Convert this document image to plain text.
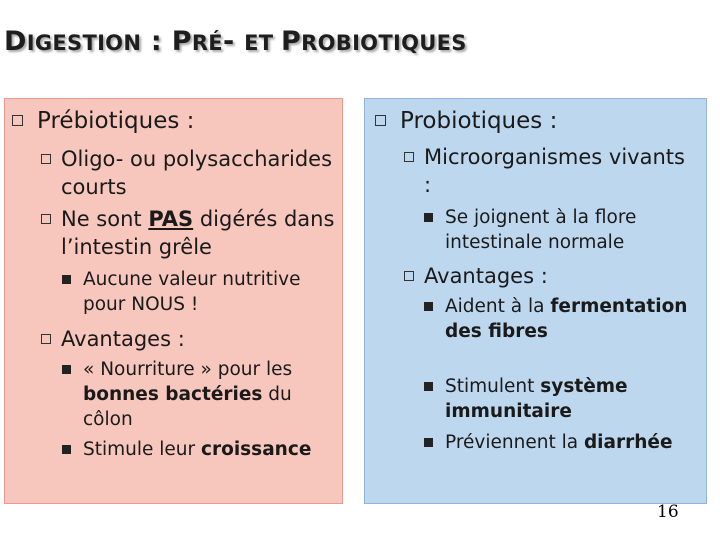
DIGESTION : PRÉ- ET PROBIOTIQUES
Prébiotiques :
Oligo- ou polysaccharides courts
Ne sont PAS digérés dans l’intestin grêle
Aucune valeur nutritive pour NOUS !
Avantages :
« Nourriture » pour les bonnes bactéries du côlon
Stimule leur croissance
Probiotiques :
Microorganismes vivants :
Se joignent à la flore intestinale normale
Avantages :
Aident à la fermentation des fibres
Stimulent système immunitaire
Préviennent la diarrhée
16
